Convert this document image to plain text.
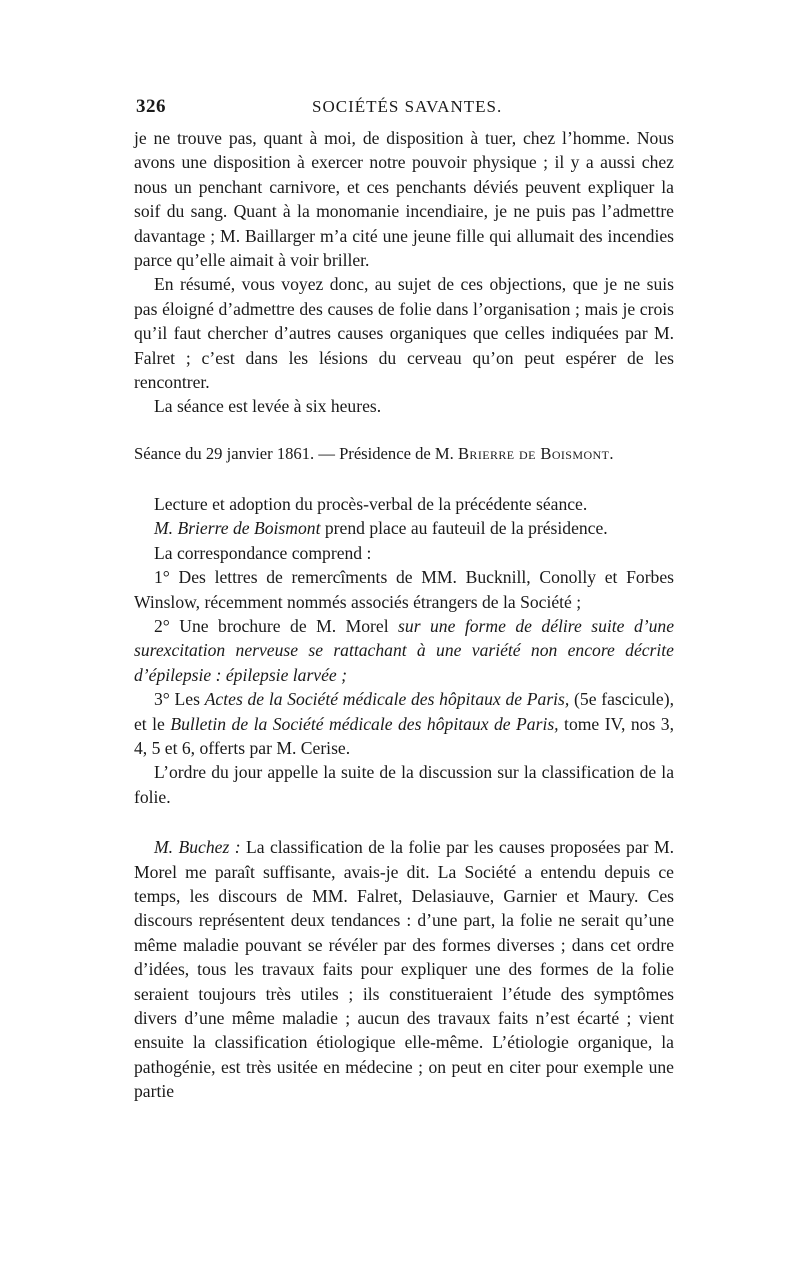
326	SOCIÉTÉS SAVANTES.

je ne trouve pas, quant à moi, de disposition à tuer, chez l’homme. Nous avons une disposition à exercer notre pouvoir physique ; il y a aussi chez nous un penchant carnivore, et ces penchants déviés peuvent expliquer la soif du sang. Quant à la monomanie incendiaire, je ne puis pas l’admettre davantage ; M. Baillarger m’a cité une jeune fille qui allumait des incendies parce qu’elle aimait à voir briller.

En résumé, vous voyez donc, au sujet de ces objections, que je ne suis pas éloigné d’admettre des causes de folie dans l’organisation ; mais je crois qu’il faut chercher d’autres causes organiques que celles indiquées par M. Falret ; c’est dans les lésions du cerveau qu’on peut espérer de les rencontrer.

La séance est levée à six heures.

Séance du 29 janvier 1861. — Présidence de M. Brierre de Boismont.

Lecture et adoption du procès-verbal de la précédente séance.

M. Brierre de Boismont prend place au fauteuil de la présidence.

La correspondance comprend :

1° Des lettres de remercîments de MM. Bucknill, Conolly et Forbes Winslow, récemment nommés associés étrangers de la Société ;

2° Une brochure de M. Morel sur une forme de délire suite d’une surexcitation nerveuse se rattachant à une variété non encore décrite d’épilepsie : épilepsie larvée ;

3° Les Actes de la Société médicale des hôpitaux de Paris, (5e fascicule), et le Bulletin de la Société médicale des hôpitaux de Paris, tome IV, nos 3, 4, 5 et 6, offerts par M. Cerise.

L’ordre du jour appelle la suite de la discussion sur la classification de la folie.

M. Buchez : La classification de la folie par les causes proposées par M. Morel me paraît suffisante, avais-je dit. La Société a entendu depuis ce temps, les discours de MM. Falret, Delasiauve, Garnier et Maury. Ces discours représentent deux tendances : d’une part, la folie ne serait qu’une même maladie pouvant se révéler par des formes diverses ; dans cet ordre d’idées, tous les travaux faits pour expliquer une des formes de la folie seraient toujours très utiles ; ils constitueraient l’étude des symptômes divers d’une même maladie ; aucun des travaux faits n’est écarté ; vient ensuite la classification étiologique elle-même. L’étiologie organique, la pathogénie, est très usitée en médecine ; on peut en citer pour exemple une partie
